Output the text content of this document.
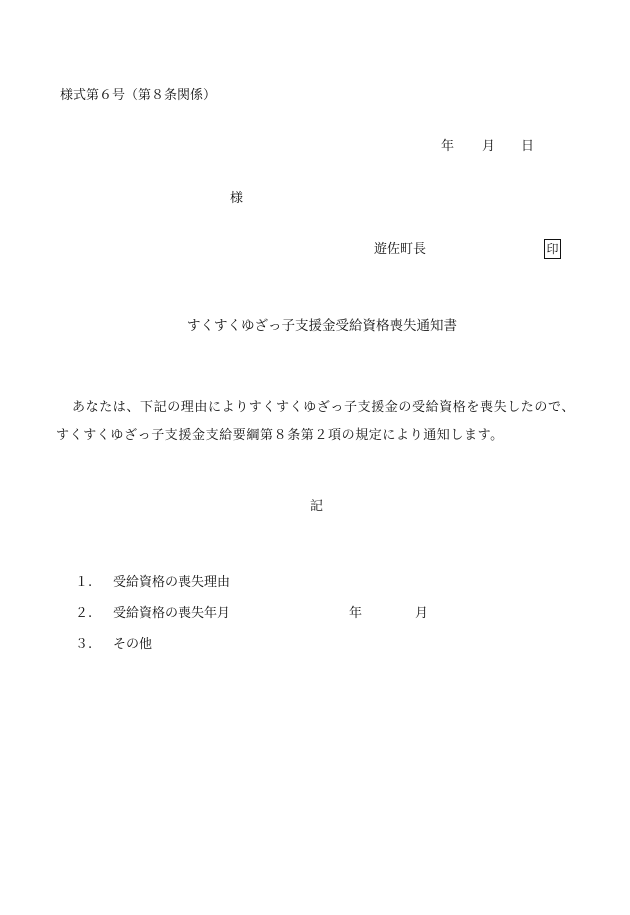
様式第６号（第８条関係）
年 月 日
様
遊佐町長	印
すくすくゆざっ子支援金受給資格喪失通知書
あなたは、下記の理由によりすくすくゆざっ子支援金の受給資格を喪失したので、すくすくゆざっ子支援金支給要綱第８条第２項の規定により通知します。
記
１. 受給資格の喪失理由
２. 受給資格の喪失年月	年	月
３. その他
